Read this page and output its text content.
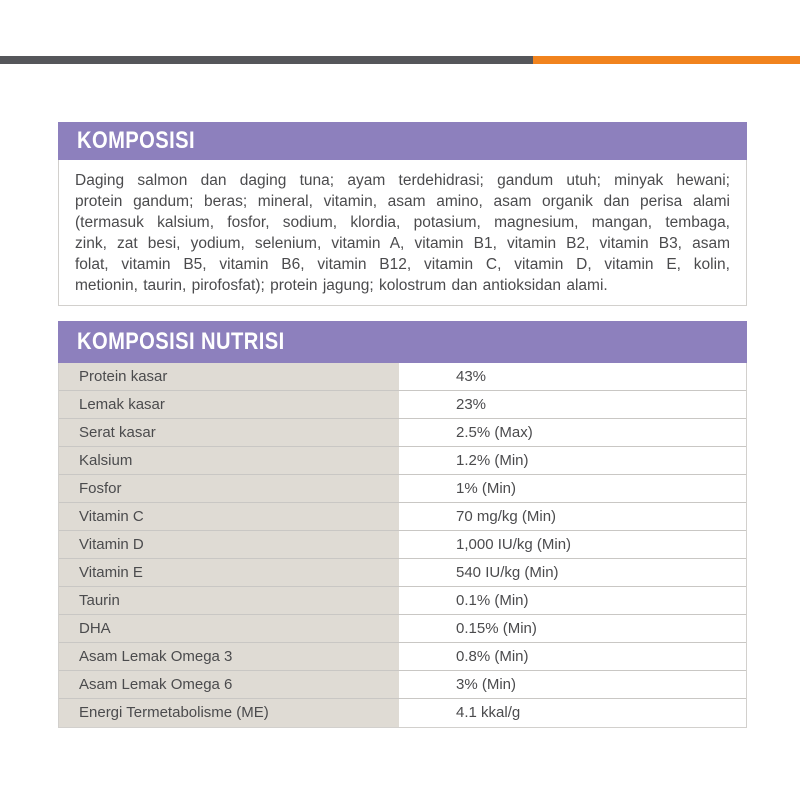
KOMPOSISI
Daging salmon dan daging tuna; ayam terdehidrasi; gandum utuh; minyak hewani;
protein gandum; beras; mineral, vitamin, asam amino, asam organik dan perisa alami
(termasuk kalsium, fosfor, sodium, klordia, potasium, magnesium, mangan, tembaga,
zink, zat besi, yodium, selenium, vitamin A, vitamin B1, vitamin B2, vitamin B3, asam
folat, vitamin B5, vitamin B6, vitamin B12, vitamin C, vitamin D, vitamin E, kolin,
metionin, taurin, pirofosfat); protein jagung; kolostrum dan antioksidan alami.
KOMPOSISI NUTRISI
Protein kasar	43%
Lemak kasar	23%
Serat kasar	2.5% (Max)
Kalsium	1.2% (Min)
Fosfor	1% (Min)
Vitamin C	70 mg/kg (Min)
Vitamin D	1,000 IU/kg (Min)
Vitamin E	540 IU/kg (Min)
Taurin	0.1% (Min)
DHA	0.15% (Min)
Asam Lemak Omega 3	0.8% (Min)
Asam Lemak Omega 6	3% (Min)
Energi Termetabolisme (ME)	4.1 kkal/g
